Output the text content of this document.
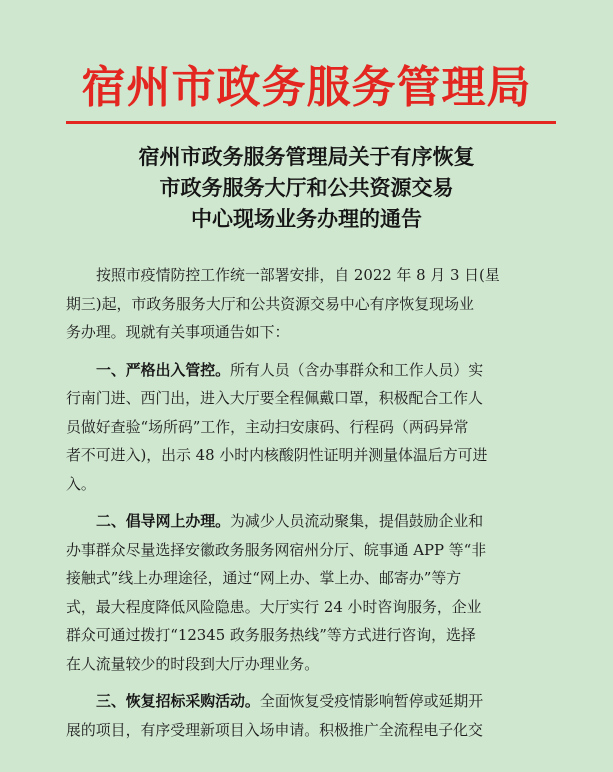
宿州市政务服务管理局
宿州市政务服务管理局关于有序恢复
市政务服务大厅和公共资源交易
中心现场业务办理的通告
按照市疫情防控工作统一部署安排，自 2022 年 8 月 3 日(星
期三)起，市政务服务大厅和公共资源交易中心有序恢复现场业
务办理。现就有关事项通告如下：
一、严格出入管控。所有人员（含办事群众和工作人员）实
行南门进、西门出，进入大厅要全程佩戴口罩，积极配合工作人
员做好查验“场所码”工作，主动扫安康码、行程码（两码异常
者不可进入)，出示 48 小时内核酸阴性证明并测量体温后方可进
入。
二、倡导网上办理。为减少人员流动聚集，提倡鼓励企业和
办事群众尽量选择安徽政务服务网宿州分厅、皖事通 APP 等“非
接触式”线上办理途径，通过“网上办、掌上办、邮寄办”等方
式，最大程度降低风险隐患。大厅实行 24 小时咨询服务，企业
群众可通过拨打“12345 政务服务热线”等方式进行咨询，选择
在人流量较少的时段到大厅办理业务。
三、恢复招标采购活动。全面恢复受疫情影响暂停或延期开
展的项目，有序受理新项目入场申请。积极推广全流程电子化交
